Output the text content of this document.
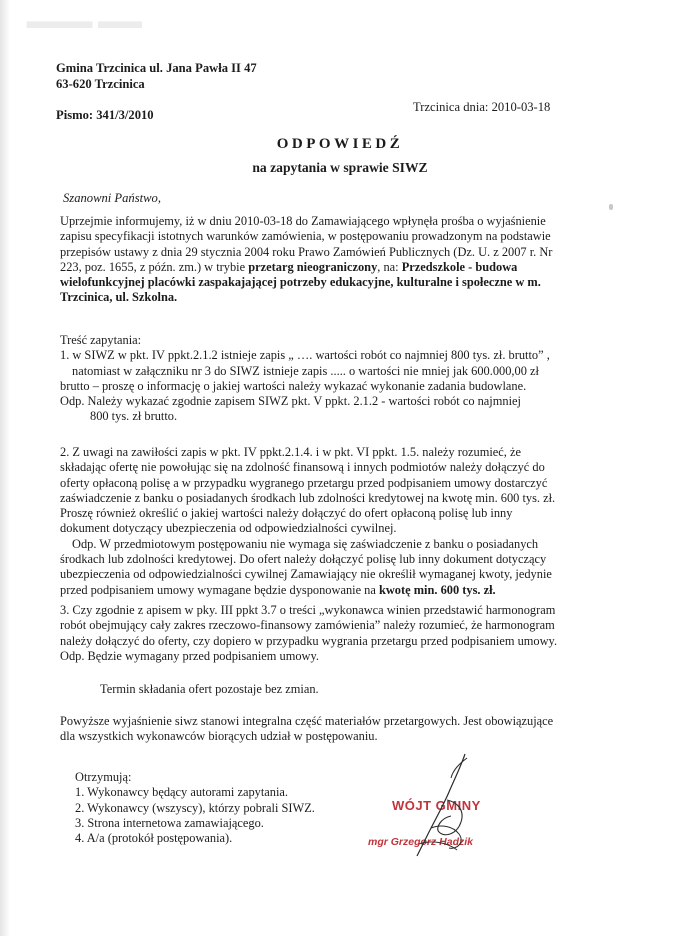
▬▬ ▬▬▬
Gmina Trzcinica ul. Jana Pawła II 47
63-620 Trzcinica
Pismo: 341/3/2010
Trzcinica dnia: 2010-03-18
ODPOWIEDŹ
na zapytania w sprawie SIWZ
Szanowni Państwo,
Uprzejmie informujemy, iż w dniu 2010-03-18 do Zamawiającego wpłynęła prośba o wyjaśnienie
zapisu specyfikacji istotnych warunków zamówienia, w postępowaniu prowadzonym na podstawie
przepisów ustawy z dnia 29 stycznia 2004 roku Prawo Zamówień Publicznych (Dz. U. z 2007 r. Nr
223, poz. 1655, z późn. zm.) w trybie przetarg nieograniczony, na: Przedszkole - budowa
wielofunkcyjnej placówki zaspakajającej potrzeby edukacyjne, kulturalne i społeczne w m.
Trzcinica, ul. Szkolna.
Treść zapytania:
1. w SIWZ w pkt. IV ppkt.2.1.2 istnieje zapis „ …. wartości robót co najmniej 800 tys. zł. brutto” ,
natomiast w załączniku nr 3 do SIWZ istnieje zapis ..... o wartości nie mniej jak 600.000,00 zł
brutto – proszę o informację o jakiej wartości należy wykazać wykonanie zadania budowlane.
Odp. Należy wykazać zgodnie zapisem SIWZ pkt. V ppkt. 2.1.2 - wartości robót co najmniej
800 tys. zł brutto.
2. Z uwagi na zawiłości zapis w pkt. IV ppkt.2.1.4. i w pkt. VI ppkt. 1.5. należy rozumieć, że
składając ofertę nie powołując się na zdolność finansową i innych podmiotów należy dołączyć do
oferty opłaconą polisę a w przypadku wygranego przetargu przed podpisaniem umowy dostarczyć
zaświadczenie z banku o posiadanych środkach lub zdolności kredytowej na kwotę min. 600 tys. zł.
Proszę również określić o jakiej wartości należy dołączyć do ofert opłaconą polisę lub inny
dokument dotyczący ubezpieczenia od odpowiedzialności cywilnej.
Odp. W przedmiotowym postępowaniu nie wymaga się zaświadczenie z banku o posiadanych
środkach lub zdolności kredytowej. Do ofert należy dołączyć polisę lub inny dokument dotyczący
ubezpieczenia od odpowiedzialności cywilnej Zamawiający nie określił wymaganej kwoty, jedynie
przed podpisaniem umowy wymagane będzie dysponowanie na kwotę min. 600 tys. zł.
3. Czy zgodnie z apisem w pky. III ppkt 3.7 o treści „wykonawca winien przedstawić harmonogram
robót obejmujący cały zakres rzeczowo-finansowy zamówienia” należy rozumieć, że harmonogram
należy dołączyć do oferty, czy dopiero w przypadku wygrania przetargu przed podpisaniem umowy.
Odp. Będzie wymagany przed podpisaniem umowy.
Termin składania ofert pozostaje bez zmian.
Powyższe wyjaśnienie siwz stanowi integralna część materiałów przetargowych. Jest obowiązujące
dla wszystkich wykonawców biorących udział w postępowaniu.
Otrzymują:
1. Wykonawcy będący autorami zapytania.
2. Wykonawcy (wszyscy), którzy pobrali SIWZ.
3. Strona internetowa zamawiającego.
4. A/a (protokół postępowania).
WÓJT GMINY
mgr Grzegorz Hadzik
